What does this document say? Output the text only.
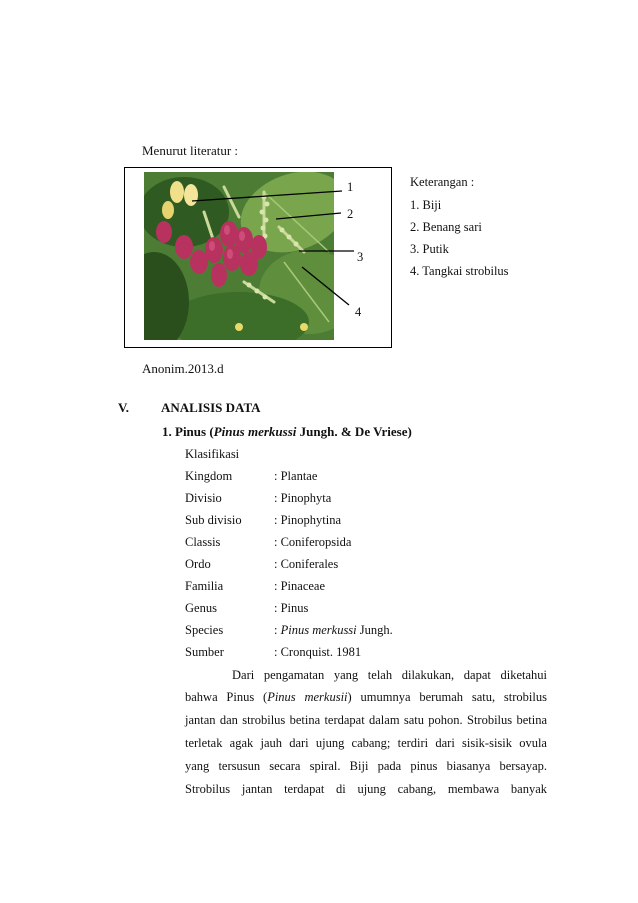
Menurut literatur :
1
2
3
4
Keterangan :
1. Biji
2. Benang sari
3. Putik
4. Tangkai strobilus
Anonim.2013.d
V. ANALISIS DATA
1. Pinus (Pinus merkussi Jungh. & De Vriese)
Klasifikasi
Kingdom	: Plantae
Divisio	: Pinophyta
Sub divisio	: Pinophytina
Classis	: Coniferopsida
Ordo	: Coniferales
Familia	: Pinaceae
Genus	: Pinus
Species	: Pinus merkussi Jungh.
Sumber	: Cronquist. 1981
Dari pengamatan yang telah dilakukan, dapat diketahui
bahwa Pinus (Pinus merkusii) umumnya berumah satu, strobilus
jantan dan strobilus betina terdapat dalam satu pohon. Strobilus betina
terletak agak jauh dari ujung cabang; terdiri dari sisik-sisik ovula
yang tersusun secara spiral. Biji pada pinus biasanya bersayap.
Strobilus jantan terdapat di ujung cabang, membawa banyak
